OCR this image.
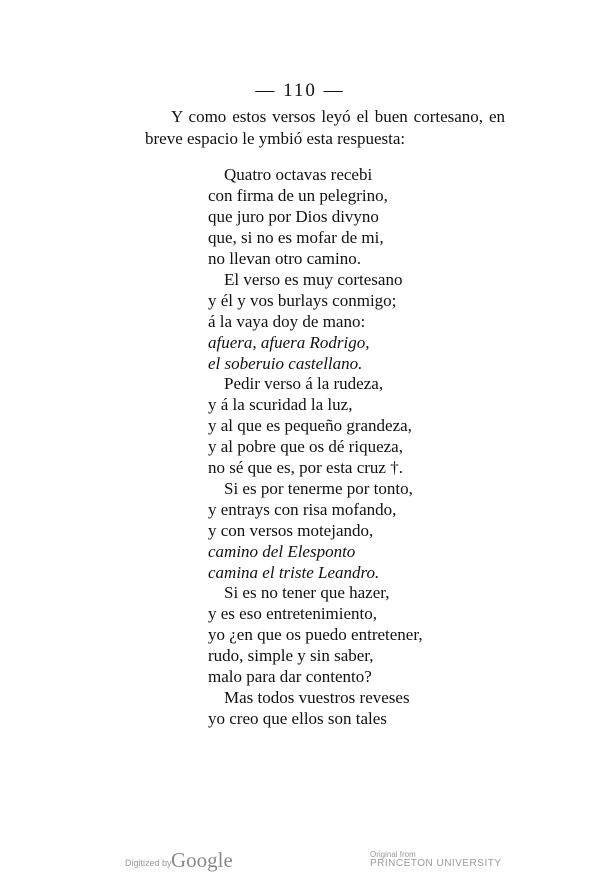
— 110 —

Y como estos versos leyó el buen cortesano, en breve espacio le ymbió esta respuesta:

Quatro octavas recebi
con firma de un pelegrino,
que juro por Dios divyno
que, si no es mofar de mi,
no llevan otro camino.
El verso es muy cortesano
y él y vos burlays conmigo;
á la vaya doy de mano:
afuera, afuera Rodrigo,
el soberuio castellano.
Pedir verso á la rudeza,
y á la scuridad la luz,
y al que es pequeño grandeza,
y al pobre que os dé riqueza,
no sé que es, por esta cruz †.
Si es por tenerme por tonto,
y entrays con risa mofando,
y con versos motejando,
camino del Elesponto
camina el triste Leandro.
Si es no tener que hazer,
y es eso entretenimiento,
yo ¿en que os puedo entretener,
rudo, simple y sin saber,
malo para dar contento?
Mas todos vuestros reveses
yo creo que ellos son tales
Digitized by Google	Original from
PRINCETON UNIVERSITY
